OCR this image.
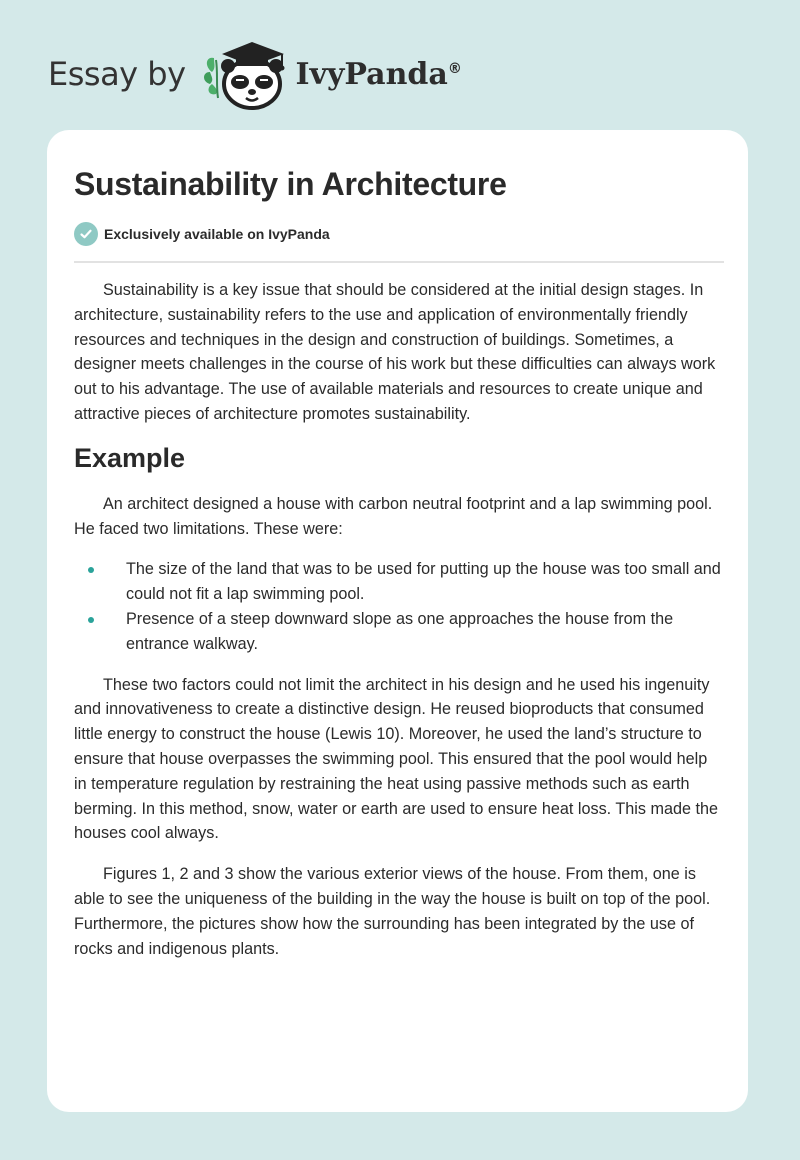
Essay by	IvyPanda®
Sustainability in Architecture
Exclusively available on IvyPanda

Sustainability is a key issue that should be considered at the initial design stages. In architecture, sustainability refers to the use and application of environmentally friendly resources and techniques in the design and construction of buildings. Sometimes, a designer meets challenges in the course of his work but these difficulties can always work out to his advantage. The use of available materials and resources to create unique and attractive pieces of architecture promotes sustainability.

Example

An architect designed a house with carbon neutral footprint and a lap swimming pool. He faced two limitations. These were:

The size of the land that was to be used for putting up the house was too small and could not fit a lap swimming pool.
Presence of a steep downward slope as one approaches the house from the entrance walkway.

These two factors could not limit the architect in his design and he used his ingenuity and innovativeness to create a distinctive design. He reused bioproducts that consumed little energy to construct the house (Lewis 10). Moreover, he used the land’s structure to ensure that house overpasses the swimming pool. This ensured that the pool would help in temperature regulation by restraining the heat using passive methods such as earth berming. In this method, snow, water or earth are used to ensure heat loss. This made the houses cool always.

Figures 1, 2 and 3 show the various exterior views of the house. From them, one is able to see the uniqueness of the building in the way the house is built on top of the pool. Furthermore, the pictures show how the surrounding has been integrated by the use of rocks and indigenous plants.
